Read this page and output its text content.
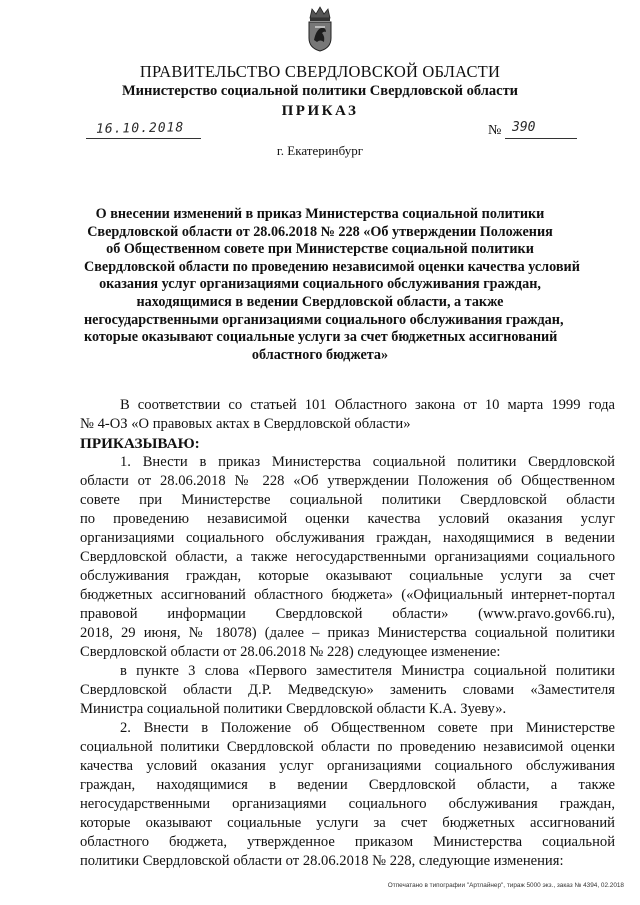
ПРАВИТЕЛЬСТВО СВЕРДЛОВСКОЙ ОБЛАСТИ
Министерство социальной политики Свердловской области
ПРИКАЗ
16.10.2018	№ 390
г. Екатеринбург
О внесении изменений в приказ Министерства социальной политики
Свердловской области от 28.06.2018 № 228 «Об утверждении Положения
об Общественном совете при Министерстве социальной политики
Свердловской области по проведению независимой оценки качества условий
оказания услуг организациями социального обслуживания граждан,
находящимися в ведении Свердловской области, а также
негосударственными организациями социального обслуживания граждан,
которые оказывают социальные услуги за счет бюджетных ассигнований
областного бюджета»
В соответствии со статьей 101 Областного закона от 10 марта 1999 года
№ 4-ОЗ «О правовых актах в Свердловской области»
ПРИКАЗЫВАЮ:
1. Внести в приказ Министерства социальной политики Свердловской
области от 28.06.2018 № 228 «Об утверждении Положения об Общественном
совете при Министерстве социальной политики Свердловской области
по проведению независимой оценки качества условий оказания услуг
организациями социального обслуживания граждан, находящимися в ведении
Свердловской области, а также негосударственными организациями социального
обслуживания граждан, которые оказывают социальные услуги за счет
бюджетных ассигнований областного бюджета» («Официальный интернет-портал
правовой информации Свердловской области» (www.pravo.gov66.ru),
2018, 29 июня, № 18078) (далее – приказ Министерства социальной политики
Свердловской области от 28.06.2018 № 228) следующее изменение:
в пункте 3 слова «Первого заместителя Министра социальной политики
Свердловской области Д.Р. Медведскую» заменить словами «Заместителя
Министра социальной политики Свердловской области К.А. Зуеву».
2. Внести в Положение об Общественном совете при Министерстве
социальной политики Свердловской области по проведению независимой оценки
качества условий оказания услуг организациями социального обслуживания
граждан, находящимися в ведении Свердловской области, а также
негосударственными организациями социального обслуживания граждан,
которые оказывают социальные услуги за счет бюджетных ассигнований
областного бюджета, утвержденное приказом Министерства социальной
политики Свердловской области от 28.06.2018 № 228, следующие изменения:
Отпечатано в типографии "Артлайнер", тираж 5000 экз., заказ № 4394, 02.2018
